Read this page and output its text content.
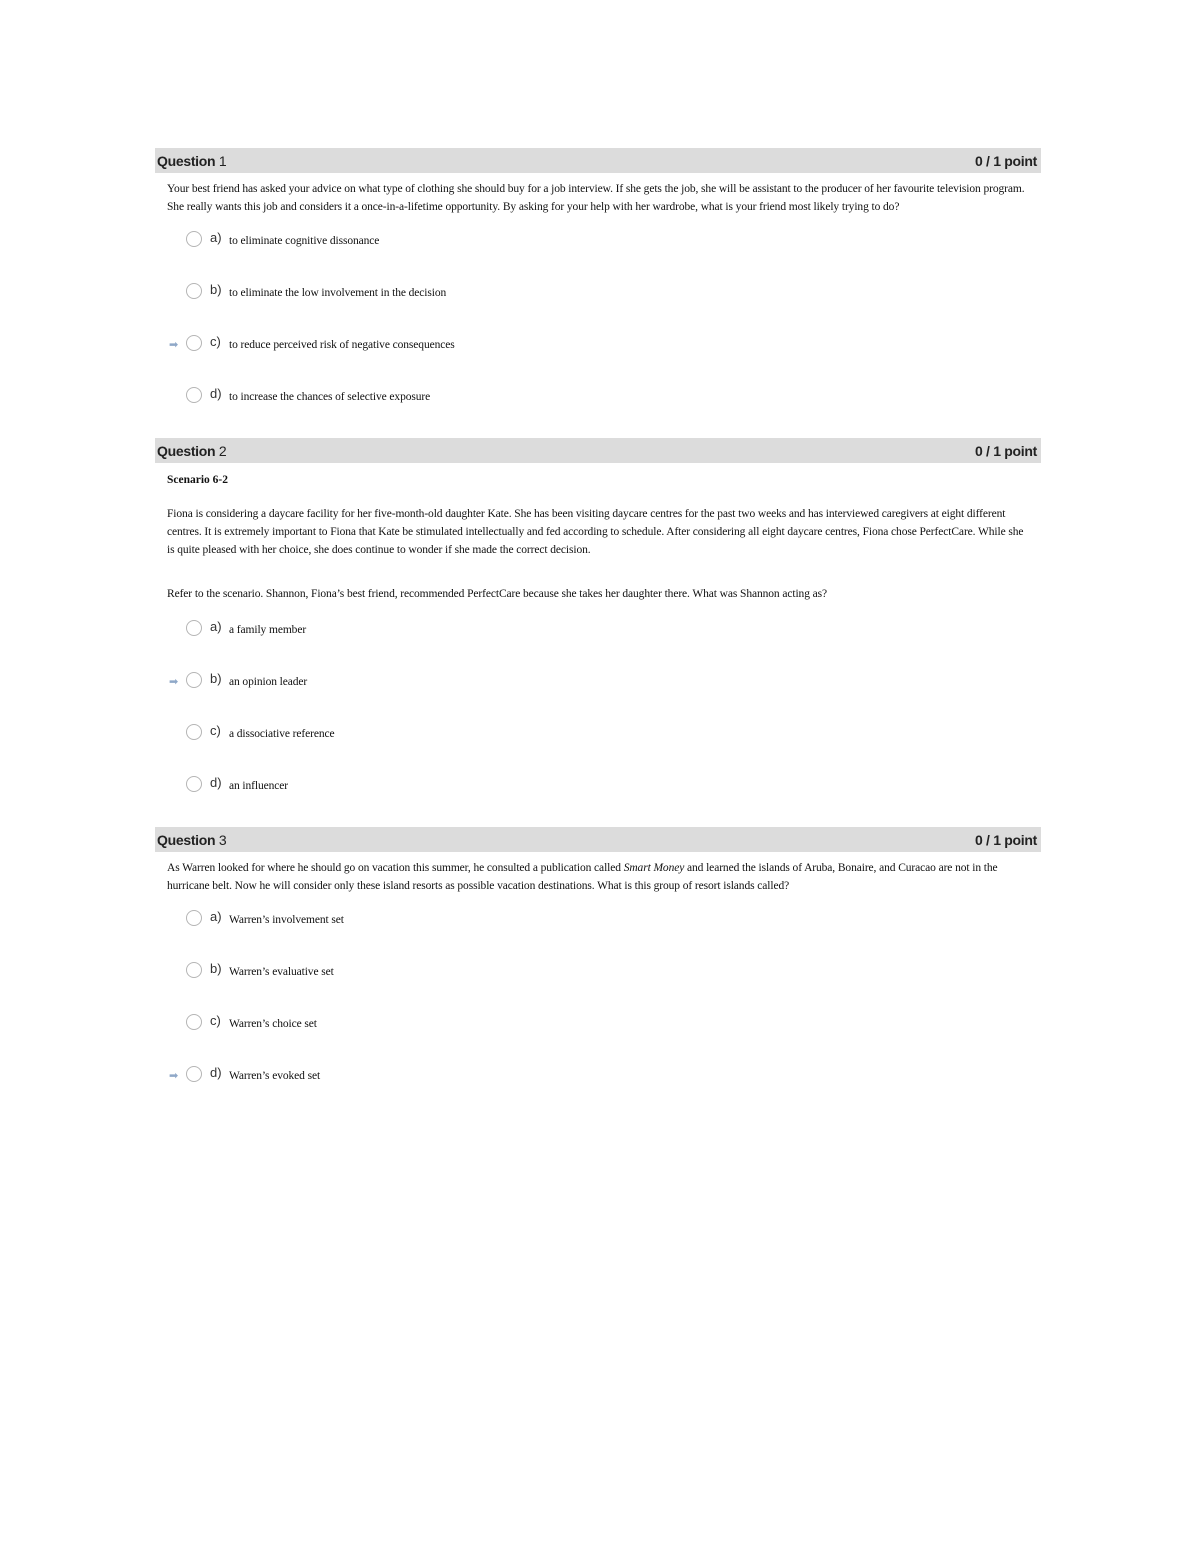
Question 1	0 / 1 point

Your best friend has asked your advice on what type of clothing she should buy for a job interview. If she gets the job, she will be assistant to the producer of her favourite television program. She really wants this job and considers it a once-in-a-lifetime opportunity. By asking for your help with her wardrobe, what is your friend most likely trying to do?

a) to eliminate cognitive dissonance
b) to eliminate the low involvement in the decision
➡	c) to reduce perceived risk of negative consequences
d) to increase the chances of selective exposure
Question 2	0 / 1 point

Scenario 6-2

Fiona is considering a daycare facility for her five-month-old daughter Kate. She has been visiting daycare centres for the past two weeks and has interviewed caregivers at eight different centres. It is extremely important to Fiona that Kate be stimulated intellectually and fed according to schedule. After considering all eight daycare centres, Fiona chose PerfectCare. While she is quite pleased with her choice, she does continue to wonder if she made the correct decision.

Refer to the scenario. Shannon, Fiona’s best friend, recommended PerfectCare because she takes her daughter there. What was Shannon acting as?

a) a family member
➡	b) an opinion leader
c) a dissociative reference
d) an influencer
Question 3	0 / 1 point

As Warren looked for where he should go on vacation this summer, he consulted a publication called Smart Money and learned the islands of Aruba, Bonaire, and Curacao are not in the hurricane belt. Now he will consider only these island resorts as possible vacation destinations. What is this group of resort islands called?

a) Warren’s involvement set
b) Warren’s evaluative set
c) Warren’s choice set
➡	d) Warren’s evoked set
